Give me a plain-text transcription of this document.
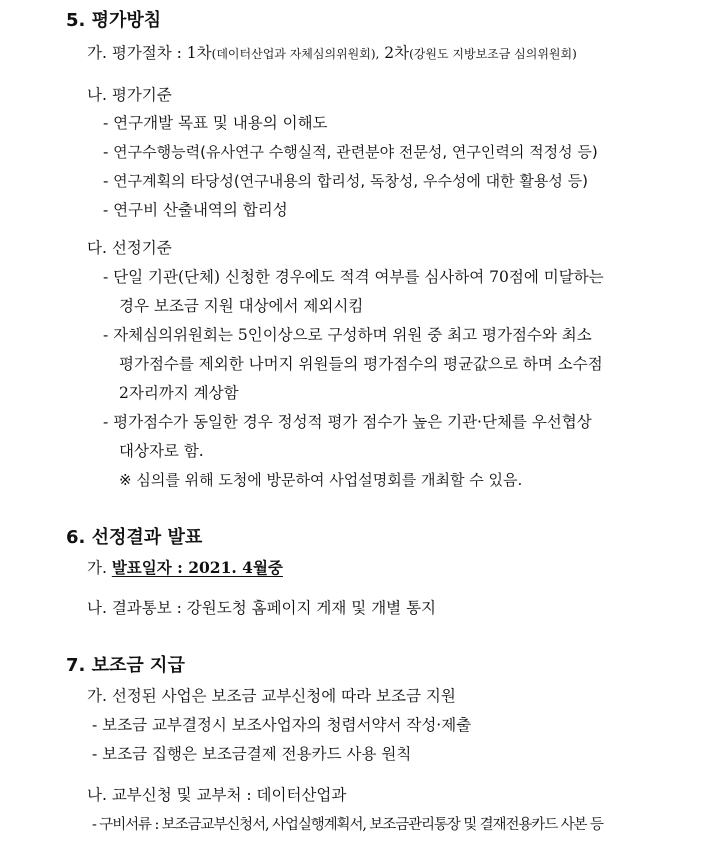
5. 평가방침
가. 평가절차 : 1차(데이터산업과 자체심의위원회), 2차(강원도 지방보조금 심의위원회)
나. 평가기준
- 연구개발 목표 및 내용의 이해도
- 연구수행능력(유사연구 수행실적, 관련분야 전문성, 연구인력의 적정성 등)
- 연구계획의 타당성(연구내용의 합리성, 독창성, 우수성에 대한 활용성 등)
- 연구비 산출내역의 합리성
다. 선정기준
- 단일 기관(단체) 신청한 경우에도 적격 여부를 심사하여 70점에 미달하는
경우 보조금 지원 대상에서 제외시킴
- 자체심의위원회는 5인이상으로 구성하며 위원 중 최고 평가점수와 최소
평가점수를 제외한 나머지 위원들의 평가점수의 평균값으로 하며 소수점
2자리까지 계상함
- 평가점수가 동일한 경우 정성적 평가 점수가 높은 기관·단체를 우선협상
대상자로 함.
※ 심의를 위해 도청에 방문하여 사업설명회를 개최할 수 있음.
6. 선정결과 발표
가. 발표일자 : 2021. 4월중
나. 결과통보 : 강원도청 홈페이지 게재 및 개별 통지
7. 보조금 지급
가. 선정된 사업은 보조금 교부신청에 따라 보조금 지원
- 보조금 교부결정시 보조사업자의 청렴서약서 작성·제출
- 보조금 집행은 보조금결제 전용카드 사용 원칙
나. 교부신청 및 교부처 : 데이터산업과
- 구비서류 : 보조금교부신청서, 사업실행계획서, 보조금관리통장 및 결재전용카드 사본 등
